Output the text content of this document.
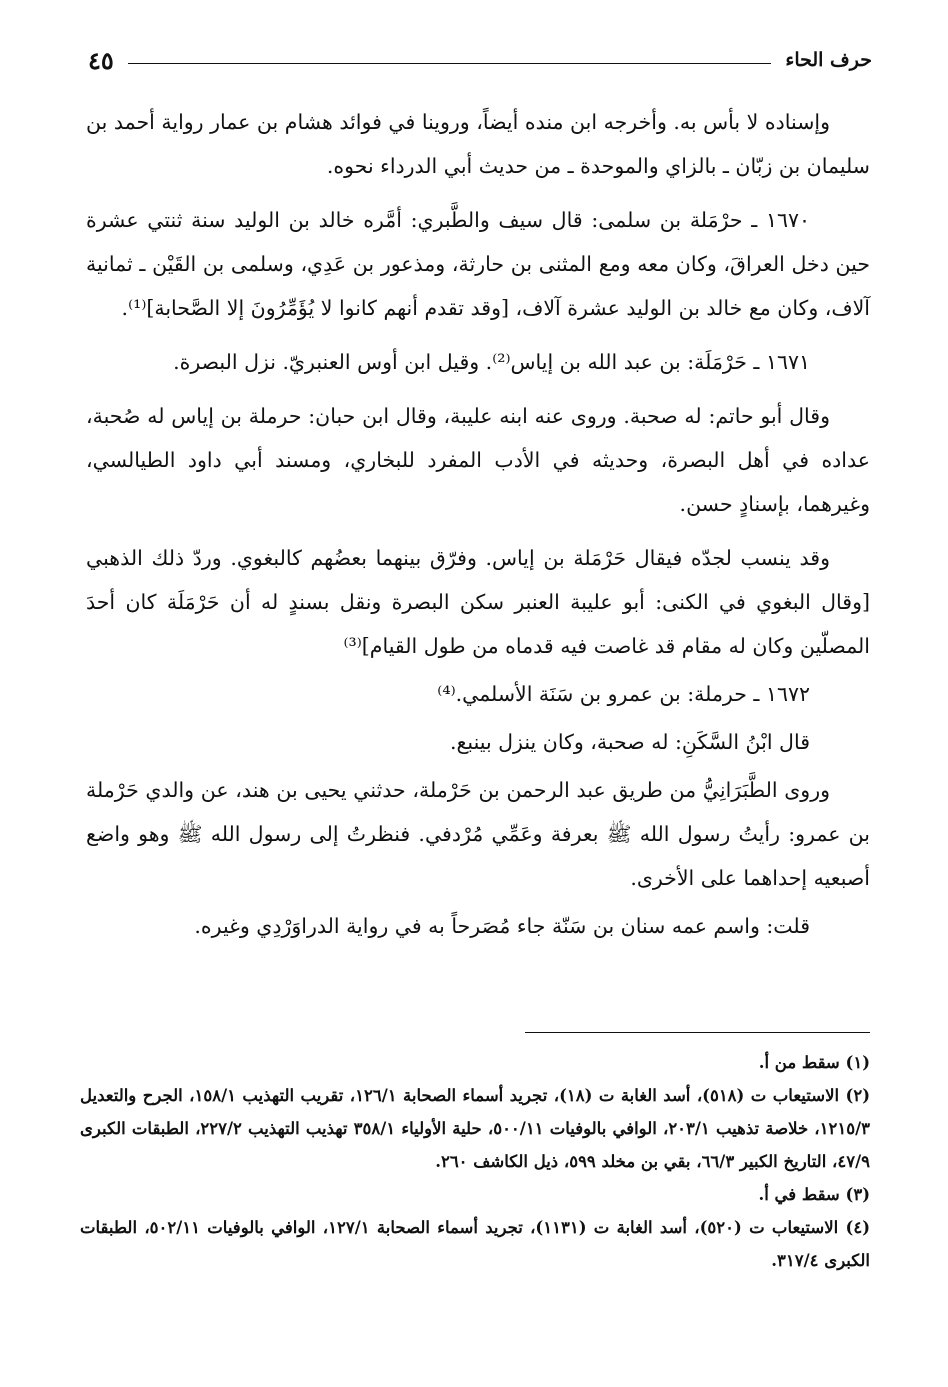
حرف الحاء
٤٥

وإسناده لا بأس به. وأخرجه ابن منده أيضاً، وروينا في فوائد هشام بن عمار رواية أحمد بن سليمان بن زبّان ـ بالزاي والموحدة ـ من حديث أبي الدرداء نحوه.

١٦٧٠ ـ حرْمَلة بن سلمى: قال سيف والطَّبري: أمَّره خالد بن الوليد سنة ثنتي عشرة حين دخل العراقَ، وكان معه ومع المثنى بن حارثة، ومذعور بن عَدِي، وسلمى بن القَيْن ـ ثمانية آلاف، وكان مع خالد بن الوليد عشرة آلاف، [وقد تقدم أنهم كانوا لا يُؤَمِّرُونَ إلا الصَّحابة]⁽¹⁾.

١٦٧١ ـ حَرْمَلَة: بن عبد الله بن إياس⁽²⁾. وقيل ابن أوس العنبريّ. نزل البصرة.

وقال أبو حاتم: له صحبة. وروى عنه ابنه عليبة، وقال ابن حبان: حرملة بن إياس له صُحبة، عداده في أهل البصرة، وحديثه في الأدب المفرد للبخاري، ومسند أبي داود الطيالسي، وغيرهما، بإسنادٍ حسن.

وقد ينسب لجدّه فيقال حَرْمَلة بن إياس. وفرّق بينهما بعضُهم كالبغوي. وردّ ذلك الذهبي [وقال البغوي في الكنى: أبو عليبة العنبر سكن البصرة ونقل بسندٍ له أن حَرْمَلَة كان أحدَ المصلّين وكان له مقام قد غاصت فيه قدماه من طول القيام]⁽³⁾

١٦٧٢ ـ حرملة: بن عمرو بن سَنَة الأسلمي.⁽⁴⁾

قال ابْنُ السَّكَنِ: له صحبة، وكان ينزل بينبع.

وروى الطَّبَرَانِيُّ من طريق عبد الرحمن بن حَرْملة، حدثني يحيى بن هند، عن والدي حَرْملة بن عمرو: رأيتُ رسول الله ﷺ بعرفة وعَمِّي مُرْدفي. فنظرتُ إلى رسول الله ﷺ وهو واضع أصبعيه إحداهما على الأخرى.

قلت: واسم عمه سنان بن سَنّة جاء مُصَرحاً به في رواية الدراوَرْدِي وغيره.

(١) سقط من أ.

(٢) الاستيعاب ت (٥١٨)، أسد الغابة ت (١٨)، تجريد أسماء الصحابة ١٢٦/١، تقريب التهذيب ١٥٨/١، الجرح والتعديل ١٢١٥/٣، خلاصة تذهيب ٢٠٣/١، الوافي بالوفيات ٥٠٠/١١، حلية الأولياء ٣٥٨/١ تهذيب التهذيب ٢٢٧/٢، الطبقات الكبرى ٤٧/٩، التاريخ الكبير ٦٦/٣، بقي بن مخلد ٥٩٩، ذيل الكاشف ٢٦٠.

(٣) سقط في أ.

(٤) الاستيعاب ت (٥٢٠)، أسد الغابة ت (١١٣١)، تجريد أسماء الصحابة ١٢٧/١، الوافي بالوفيات ٥٠٢/١١، الطبقات الكبرى ٣١٧/٤.
